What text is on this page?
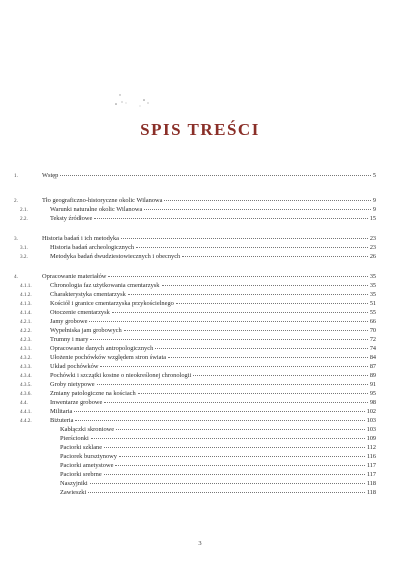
SPIS TREŚCI
1.	Wstęp	5
2.	Tło geograficzno-historyczne okolic Wilanowa	9
2.1.	Warunki naturalne okolic Wilanowa	9
2.2.	Teksty źródłowe	15
3.	Historia badań i ich metodyka	23
3.1.	Historia badań archeologicznych	23
3.2.	Metodyka badań dwudziestowiecznych i obecnych	26
4.	Opracowanie materiałów	35
4.1.1.	Chronologia faz użytkowania cmentarzysk	35
4.1.2.	Charakterystyka cmentarzysk	35
4.1.3.	Kościół i granice cmentarzyska przykościelnego	51
4.1.4.	Otoczenie cmentarzysk	55
4.2.1.	Jamy grobowe	66
4.2.2.	Wypełniska jam grobowych	70
4.2.3.	Trumny i mary	72
4.3.1.	Opracowanie danych antropologicznych	74
4.3.2.	Ułożenie pochówków względem stron świata	84
4.3.3.	Układ pochówków	87
4.3.4.	Pochówki i szczątki kostne o nieokreślonej chronologii	89
4.3.5.	Groby nietypowe	91
4.3.6.	Zmiany patologiczne na kościach	95
4.4.	Inwentarze grobowe	98
4.4.1.	Militaria	102
4.4.2.	Biżuteria	103
Kabłączki skroniowe	103
Pierścionki	109
Paciorki szklane	112
Paciorek bursztynowy	116
Paciorki ametystowe	117
Paciorki srebrne	117
Naszyjniki	118
Zawieszki	118
3
